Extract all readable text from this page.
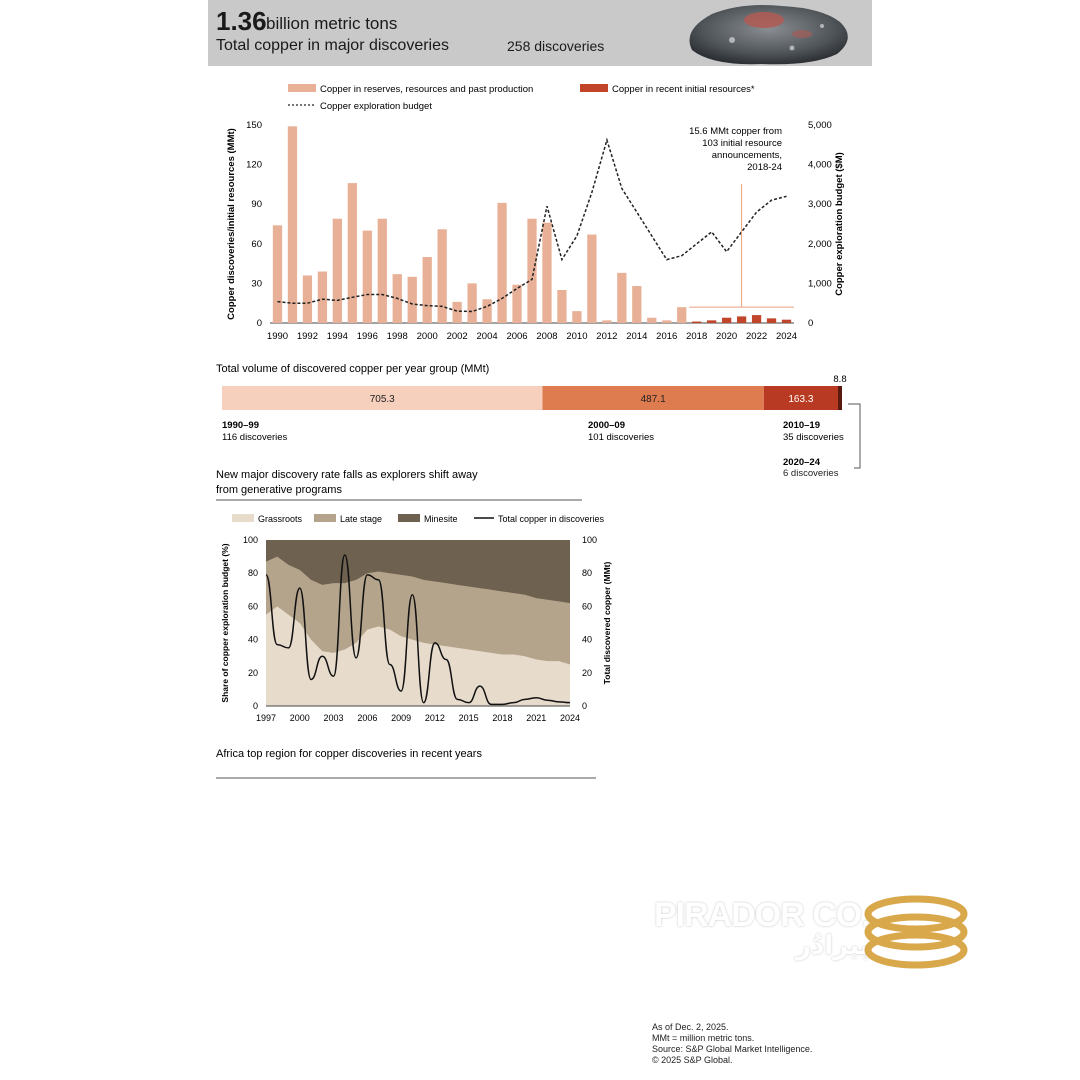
1.36 billion metric tons
Total copper in major discoveries	258 discoveries
Copper in reserves, resources and past production	Copper in recent initial resources*
Copper exploration budget
0
30
60
90
120
150
0
1,000
2,000
3,000
4,000
5,000
Copper discoveries/initial resources (MMt)	Copper exploration budget ($M)
1990 1992 1994 1996 1998 2000 2002 2004 2006 2008 2010 2012 2014 2016 2018 2020 2022 2024
15.6 MMt copper from
103 initial resource
announcements,
2018-24
Total volume of discovered copper per year group (MMt)
705.3	487.1	163.3
8.8
1990–99
116 discoveries
2000–09
101 discoveries
2010–19
35 discoveries
2020–24
New major discovery rate falls as explorers shift away
from generative programs
Grassroots	Late stage	Minesite	Total copper in discoveries
0	0
20	20
40	40
60	60
80	80
100	100
1997 2000 2003 2006 2009 2012 2015 2018 2021 2024
Share of copper exploration budget (%)	Total discovered copper (MMt)
Africa top region for copper discoveries in recent years
As of Dec. 2, 2025.
MMt = million metric tons.
Source: S&P Global Market Intelligence.
© 2025 S&P Global.
PIRADOR CO.
پیرادُر
تأمین کننده انواع محصولات معدنی و دیگر فلزات
6 discoveries
